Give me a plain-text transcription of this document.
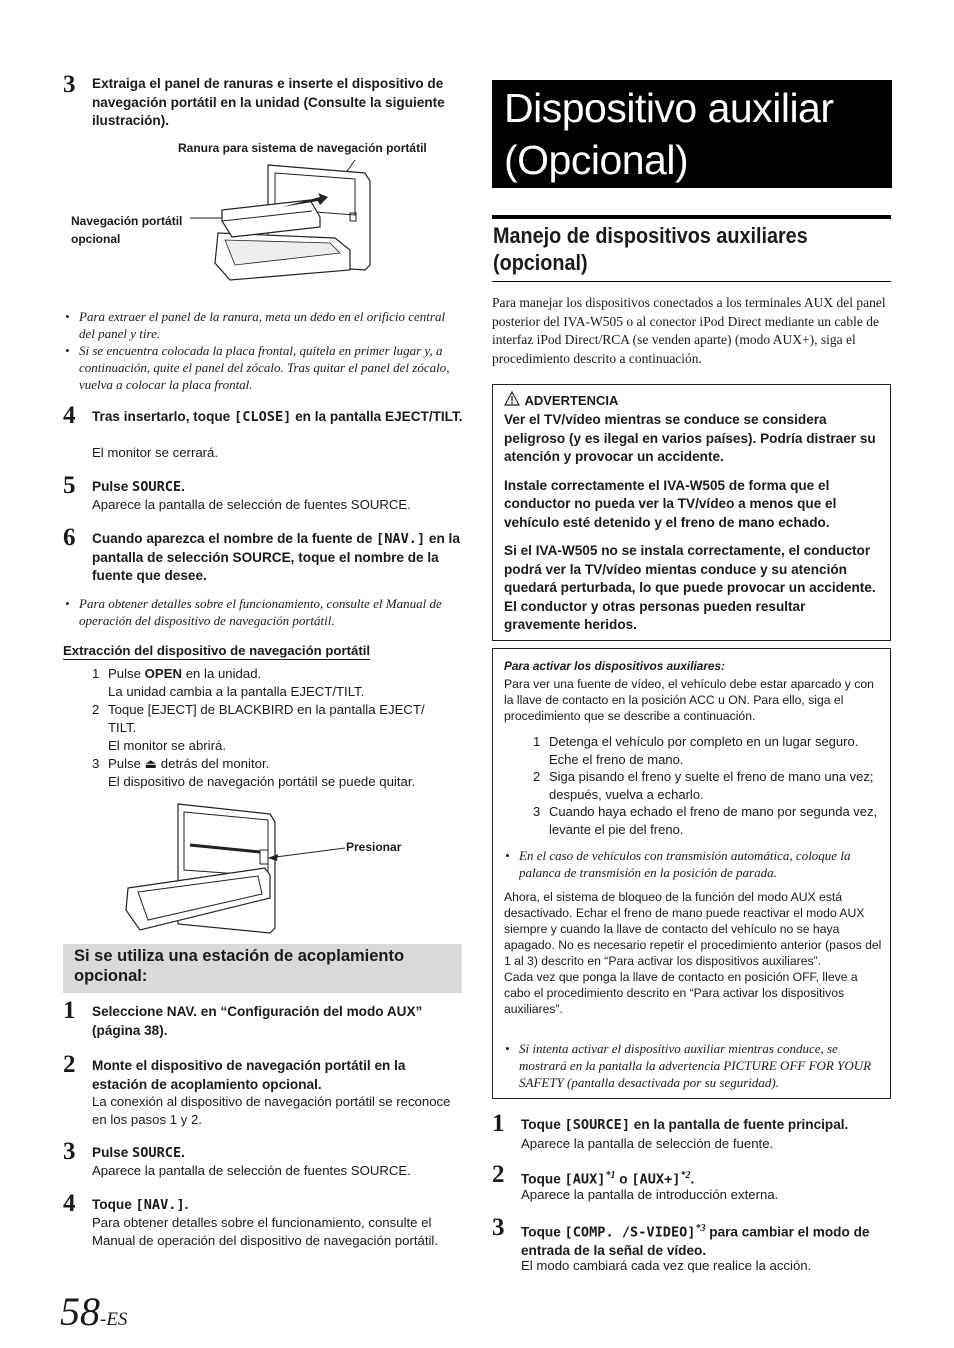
3 Extraiga el panel de ranuras e inserte el dispositivo de navegación portátil en la unidad (Consulte la siguiente ilustración).
Ranura para sistema de navegación portátil
Navegación portátil
opcional
• Para extraer el panel de la ranura, meta un dedo en el orificio central del panel y tire.
• Si se encuentra colocada la placa frontal, quítela en primer lugar y, a continuación, quite el panel del zócalo. Tras quitar el panel del zócalo, vuelva a colocar la placa frontal.
4 Tras insertarlo, toque [CLOSE] en la pantalla EJECT/TILT.
El monitor se cerrará.
5 Pulse SOURCE.
Aparece la pantalla de selección de fuentes SOURCE.
6 Cuando aparezca el nombre de la fuente de [NAV.] en la pantalla de selección SOURCE, toque el nombre de la fuente que desee.
• Para obtener detalles sobre el funcionamiento, consulte el Manual de operación del dispositivo de navegación portátil.
Extracción del dispositivo de navegación portátil
1 Pulse OPEN en la unidad.
La unidad cambia a la pantalla EJECT/TILT.
2 Toque [EJECT] de BLACKBIRD en la pantalla EJECT/ TILT.
El monitor se abrirá.
3 Pulse ⏏ detrás del monitor.
El dispositivo de navegación portátil se puede quitar.
Presionar
Si se utiliza una estación de acoplamiento opcional:
1 Seleccione NAV. en “Configuración del modo AUX” (página 38).
2 Monte el dispositivo de navegación portátil en la estación de acoplamiento opcional.
La conexión al dispositivo de navegación portátil se reconoce en los pasos 1 y 2.
3 Pulse SOURCE.
Aparece la pantalla de selección de fuentes SOURCE.
4 Toque [NAV.].
Para obtener detalles sobre el funcionamiento, consulte el Manual de operación del dispositivo de navegación portátil.
58-ES
Dispositivo auxiliar
(Opcional)
Manejo de dispositivos auxiliares
(opcional)
Para manejar los dispositivos conectados a los terminales AUX del panel posterior del IVA-W505 o al conector iPod Direct mediante un cable de interfaz iPod Direct/RCA (se venden aparte) (modo AUX+), siga el procedimiento descrito a continuación.
ADVERTENCIA
Ver el TV/vídeo mientras se conduce se considera peligroso (y es ilegal en varios países). Podría distraer su atención y provocar un accidente.
Instale correctamente el IVA-W505 de forma que el conductor no pueda ver la TV/vídeo a menos que el vehículo esté detenido y el freno de mano echado.
Si el IVA-W505 no se instala correctamente, el conductor podrá ver la TV/vídeo mientas conduce y su atención quedará perturbada, lo que puede provocar un accidente. El conductor y otras personas pueden resultar gravemente heridos.
Para activar los dispositivos auxiliares:
Para ver una fuente de vídeo, el vehículo debe estar aparcado y con la llave de contacto en la posición ACC u ON. Para ello, siga el procedimiento que se describe a continuación.
1 Detenga el vehículo por completo en un lugar seguro. Eche el freno de mano.
2 Siga pisando el freno y suelte el freno de mano una vez; después, vuelva a echarlo.
3 Cuando haya echado el freno de mano por segunda vez, levante el pie del freno.
• En el caso de vehículos con transmisión automática, coloque la palanca de transmisión en la posición de parada.
Ahora, el sistema de bloqueo de la función del modo AUX está desactivado. Echar el freno de mano puede reactivar el modo AUX siempre y cuando la llave de contacto del vehículo no se haya apagado. No es necesario repetir el procedimiento anterior (pasos del 1 al 3) descrito en “Para activar los dispositivos auxiliares”.
Cada vez que ponga la llave de contacto en posición OFF, lleve a cabo el procedimiento descrito en “Para activar los dispositivos auxiliares”.
• Si intenta activar el dispositivo auxiliar mientras conduce, se mostrará en la pantalla la advertencia PICTURE OFF FOR YOUR SAFETY (pantalla desactivada por su seguridad).
1 Toque [SOURCE] en la pantalla de fuente principal.
Aparece la pantalla de selección de fuente.
2 Toque [AUX]$^{*1}$ o $[AUX+]^{*2}$.
Aparece la pantalla de introducción externa.
3 Toque [COMP. /S-VIDEO]$^{*3}$ para cambiar el modo de entrada de la señal de vídeo.
El modo cambiará cada vez que realice la acción.
